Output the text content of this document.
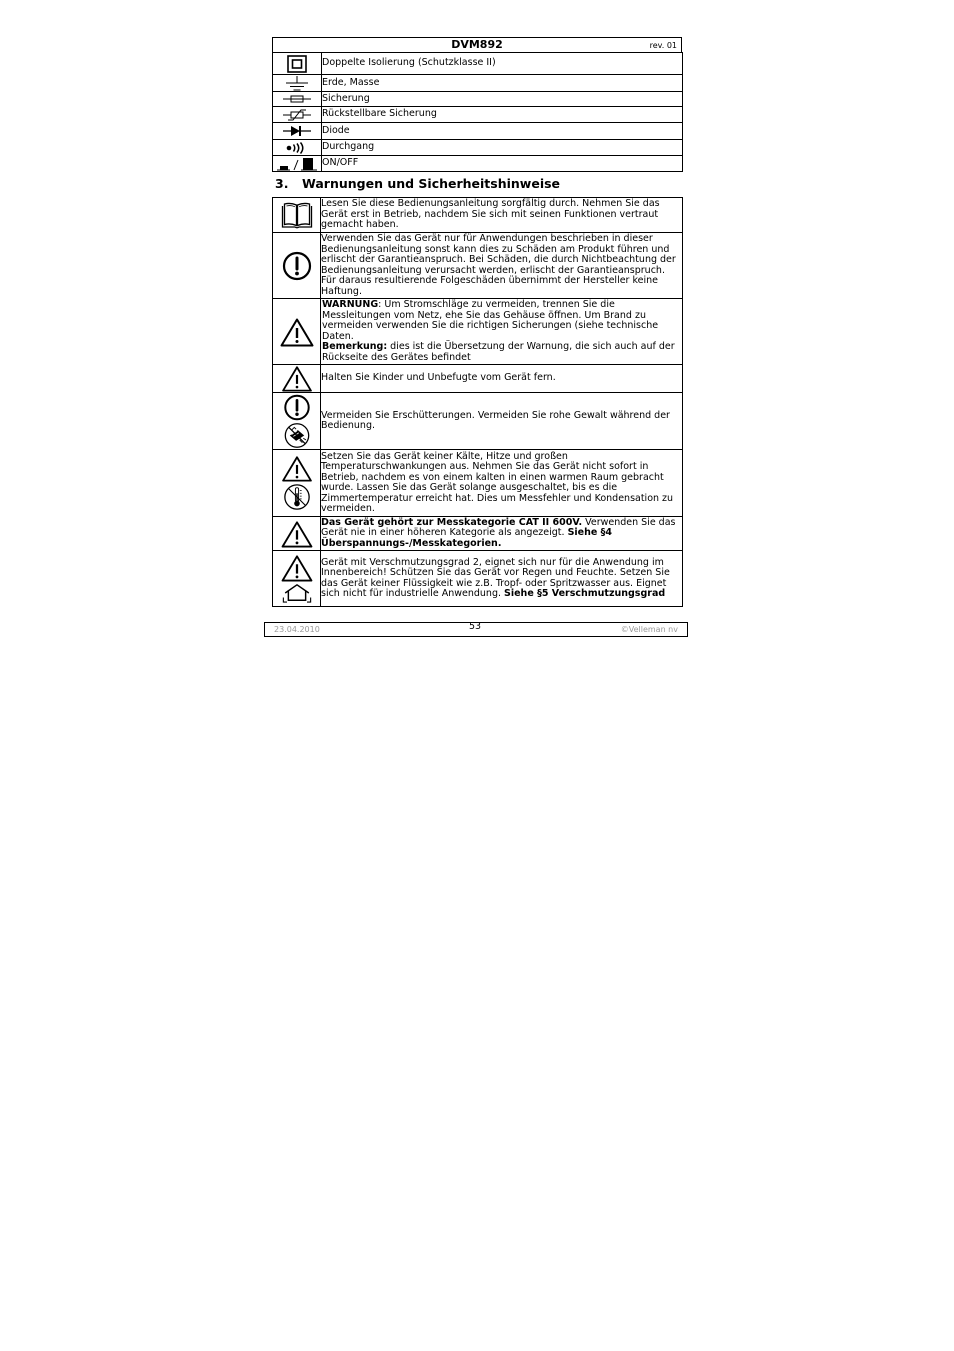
DVM892	rev. 01
	Doppelte Isolierung (Schutzklasse II)

	Erde, Masse

	Sicherung

	Rückstellbare Sicherung

	Diode

	Durchgang

	ON/OFF
3. Warnungen und Sicherheitshinweise

Lesen Sie diese Bedienungsanleitung sorgfältig durch. Nehmen Sie das Gerät erst in Betrieb, nachdem Sie sich mit seinen Funktionen vertraut gemacht haben.

Verwenden Sie das Gerät nur für Anwendungen beschrieben in dieser Bedienungsanleitung sonst kann dies zu Schäden am Produkt führen und erlischt der Garantieanspruch. Bei Schäden, die durch Nichtbeachtung der Bedienungsanleitung verursacht werden, erlischt der Garantieanspruch. Für daraus resultierende Folgeschäden übernimmt der Hersteller keine Haftung.

WARNUNG: Um Stromschläge zu vermeiden, trennen Sie die Messleitungen vom Netz, ehe Sie das Gehäuse öffnen. Um Brand zu vermeiden verwenden Sie die richtigen Sicherungen (siehe technische Daten.
Bemerkung: dies ist die Übersetzung der Warnung, die sich auch auf der Rückseite des Gerätes befindet

Halten Sie Kinder und Unbefugte vom Gerät fern.

Vermeiden Sie Erschütterungen. Vermeiden Sie rohe Gewalt während der Bedienung.

Setzen Sie das Gerät keiner Kälte, Hitze und großen Temperaturschwankungen aus. Nehmen Sie das Gerät nicht sofort in Betrieb, nachdem es von einem kalten in einen warmen Raum gebracht wurde. Lassen Sie das Gerät solange ausgeschaltet, bis es die Zimmertemperatur erreicht hat. Dies um Messfehler und Kondensation zu vermeiden.

Das Gerät gehört zur Messkategorie CAT II 600V. Verwenden Sie das Gerät nie in einer höheren Kategorie als angezeigt. Siehe §4 Überspannungs-/Messkategorien.

Gerät mit Verschmutzungsgrad 2, eignet sich nur für die Anwendung im Innenbereich! Schützen Sie das Gerät vor Regen und Feuchte. Setzen Sie das Gerät keiner Flüssigkeit wie z.B. Tropf- oder Spritzwasser aus. Eignet sich nicht für industrielle Anwendung. Siehe §5 Verschmutzungsgrad
23.04.2010	53	©Velleman nv
